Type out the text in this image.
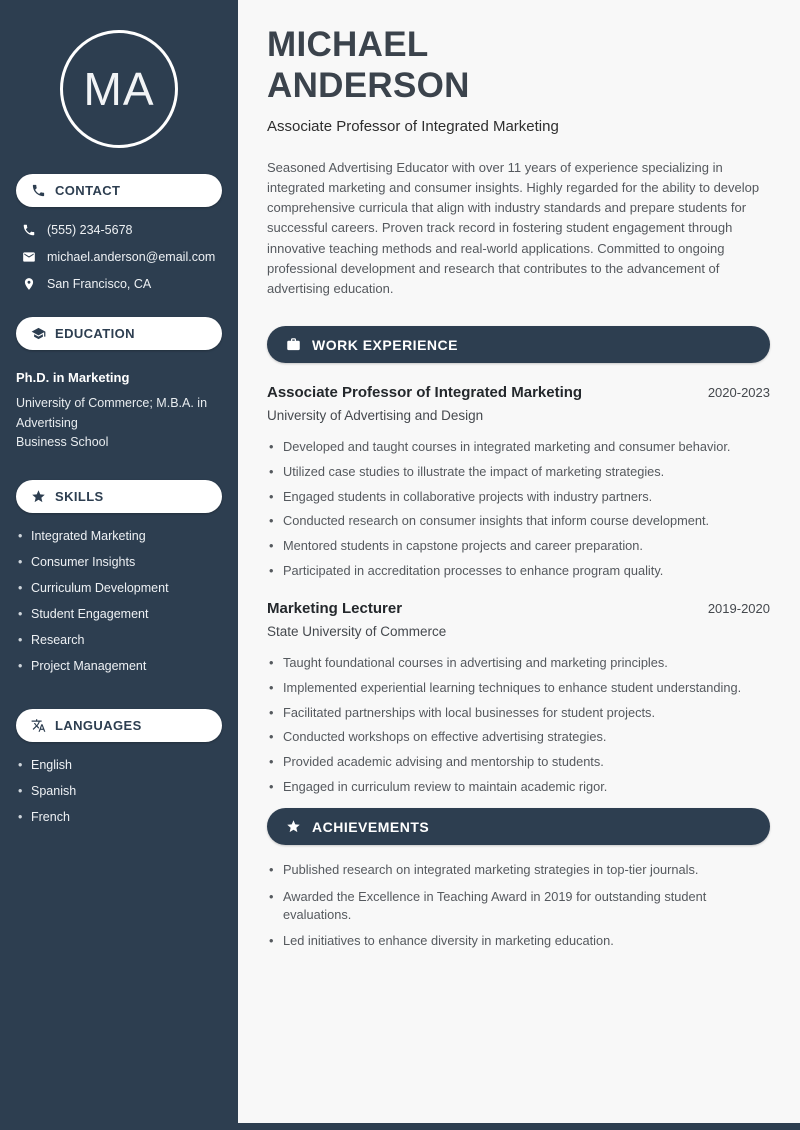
MA
CONTACT
(555) 234-5678
michael.anderson@email.com
San Francisco, CA
EDUCATION
Ph.D. in Marketing
University of Commerce; M.B.A. in Advertising
Business School
SKILLS
• Integrated Marketing
• Consumer Insights
• Curriculum Development
• Student Engagement
• Research
• Project Management
LANGUAGES
• English
• Spanish
• French
MICHAEL
ANDERSON
Associate Professor of Integrated Marketing

Seasoned Advertising Educator with over 11 years of experience specializing in integrated marketing and consumer insights. Highly regarded for the ability to develop comprehensive curricula that align with industry standards and prepare students for successful careers. Proven track record in fostering student engagement through innovative teaching methods and real-world applications. Committed to ongoing professional development and research that contributes to the advancement of advertising education.

WORK EXPERIENCE
Associate Professor of Integrated Marketing	2020-2023
University of Advertising and Design
• Developed and taught courses in integrated marketing and consumer behavior.
• Utilized case studies to illustrate the impact of marketing strategies.
• Engaged students in collaborative projects with industry partners.
• Conducted research on consumer insights that inform course development.
• Mentored students in capstone projects and career preparation.
• Participated in accreditation processes to enhance program quality.
Marketing Lecturer	2019-2020
State University of Commerce
• Taught foundational courses in advertising and marketing principles.
• Implemented experiential learning techniques to enhance student understanding.
• Facilitated partnerships with local businesses for student projects.
• Conducted workshops on effective advertising strategies.
• Provided academic advising and mentorship to students.
• Engaged in curriculum review to maintain academic rigor.
ACHIEVEMENTS
• Published research on integrated marketing strategies in top-tier journals.
• Awarded the Excellence in Teaching Award in 2019 for outstanding student evaluations.
• Led initiatives to enhance diversity in marketing education.
